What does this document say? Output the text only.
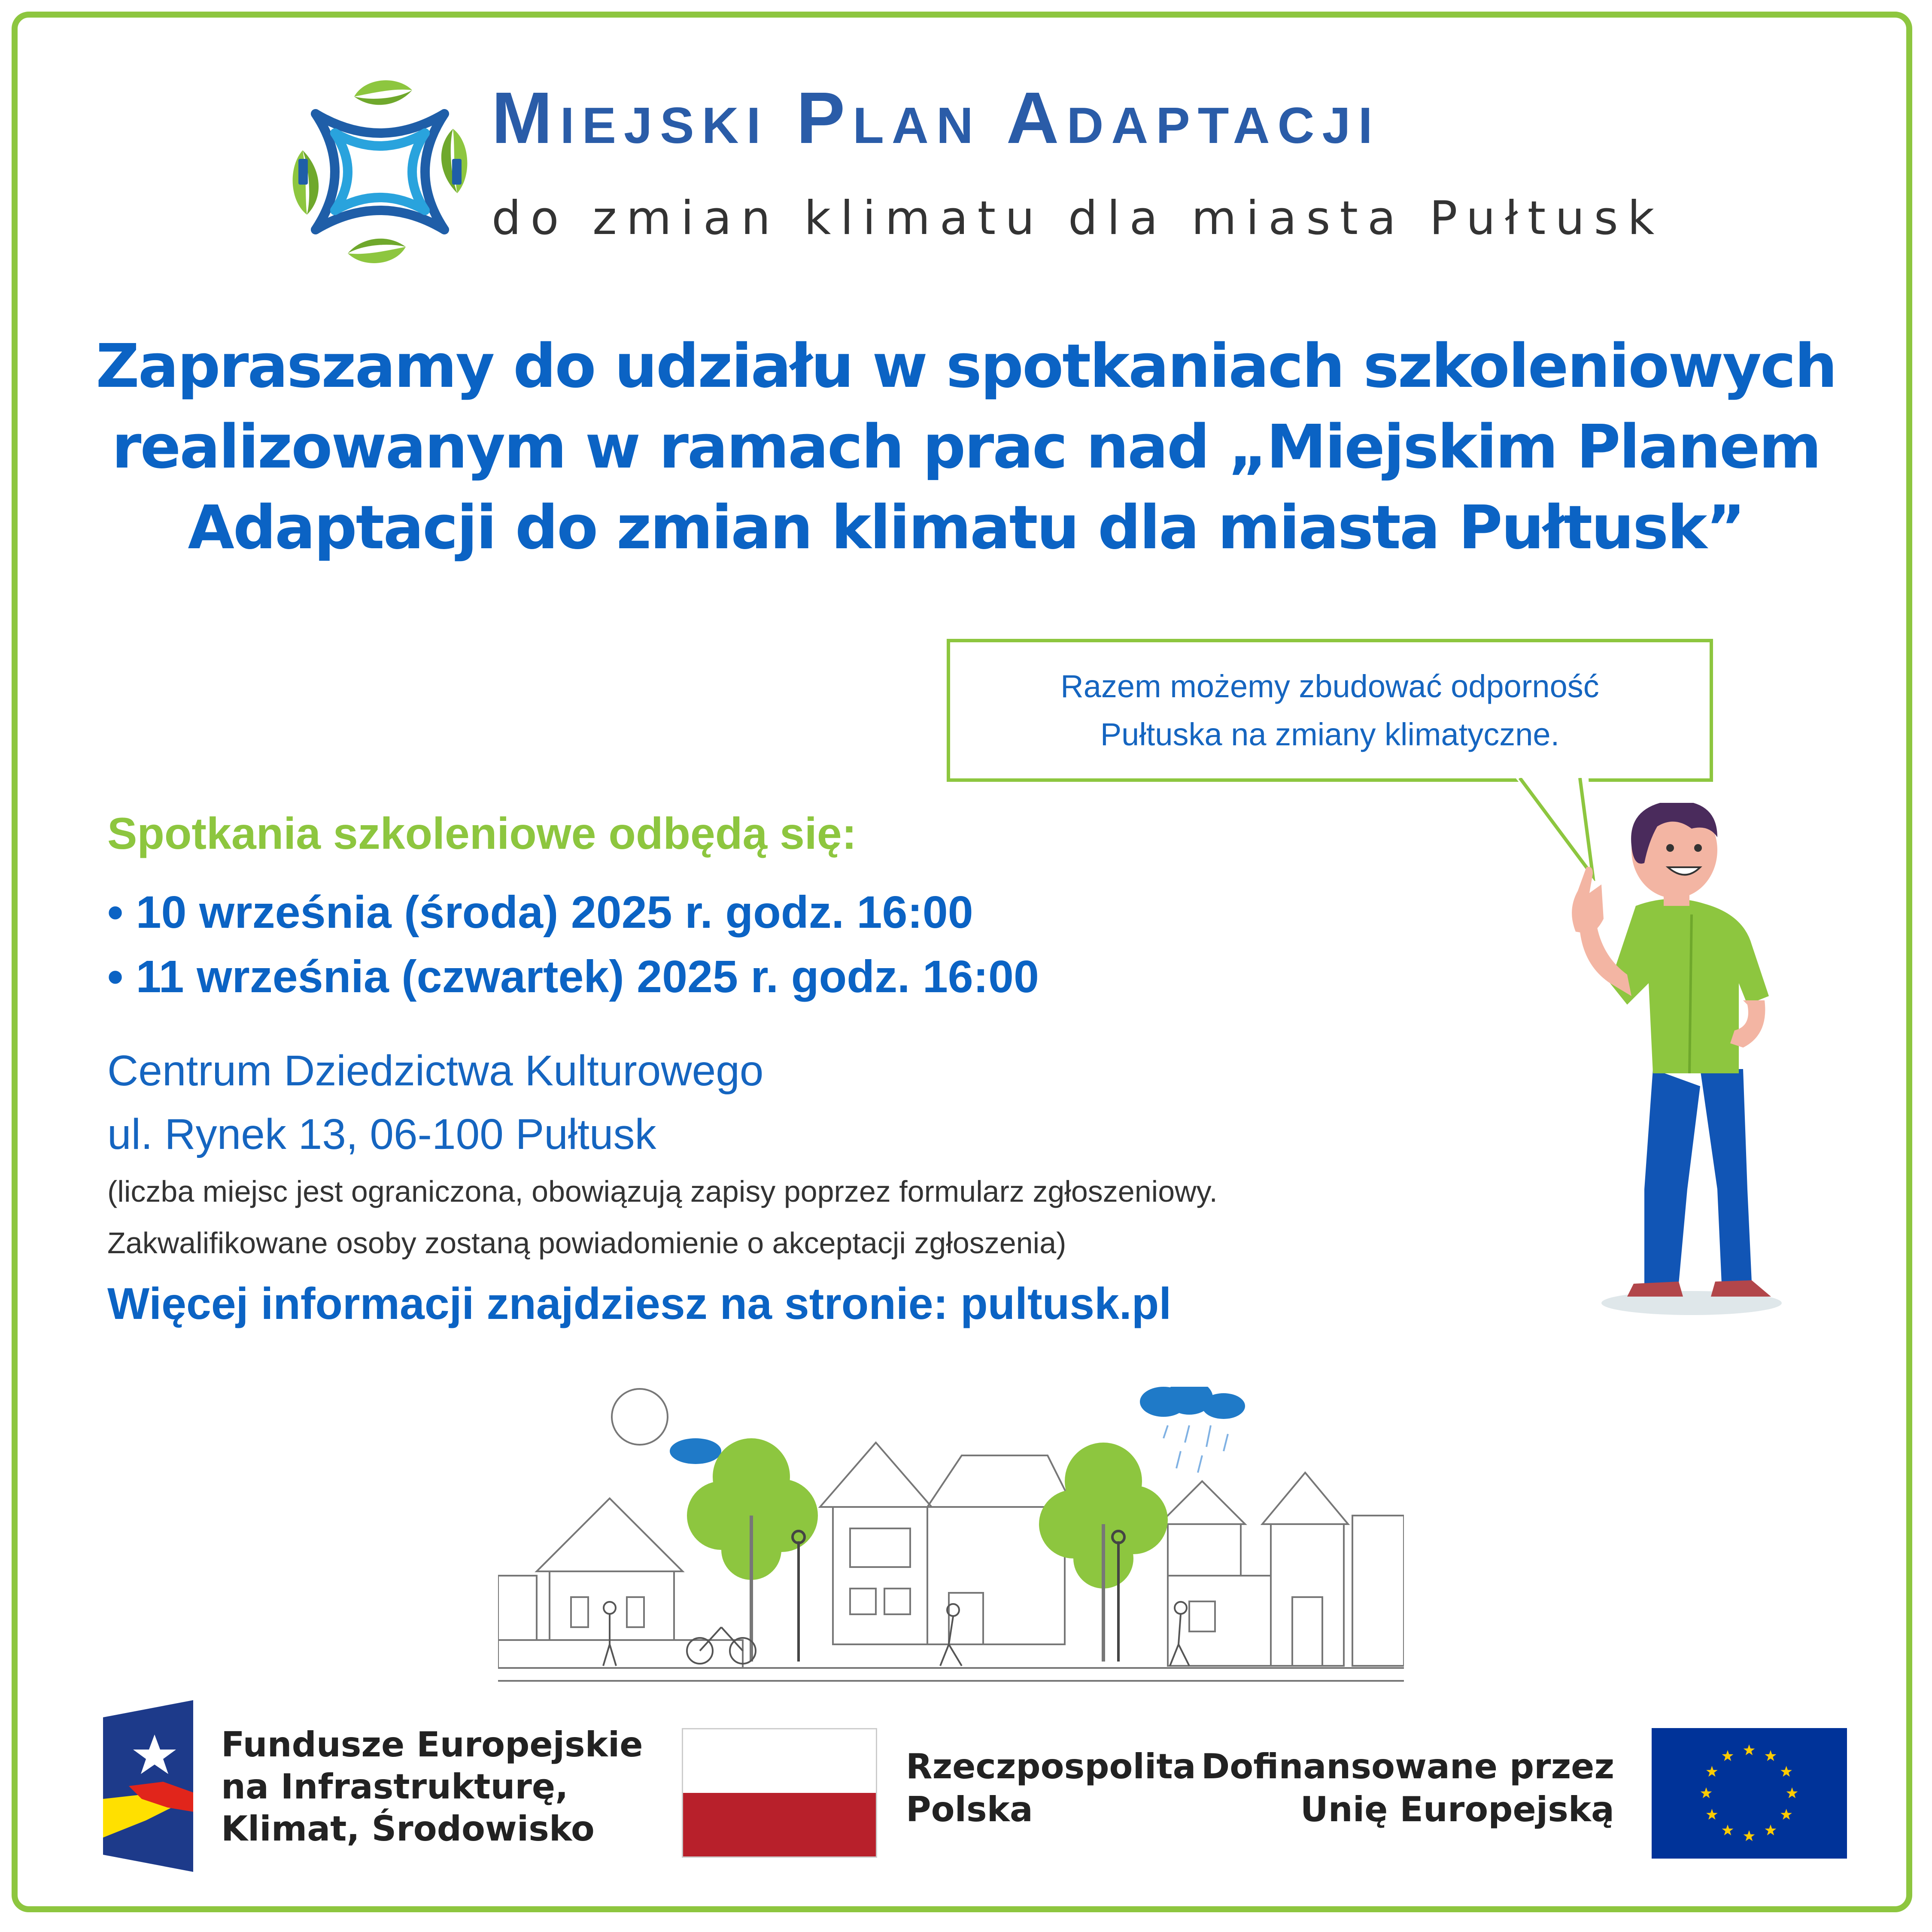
Miejski Plan Adaptacji
do zmian klimatu dla miasta Pułtusk
Zapraszamy do udziału w spotkaniach szkoleniowych
realizowanym w ramach prac nad „Miejskim Planem
Adaptacji do zmian klimatu dla miasta Pułtusk”
Razem możemy zbudować odporność
Pułtuska na zmiany klimatyczne.
Spotkania szkoleniowe odbędą się:
• 10 września (środa) 2025 r. godz. 16:00
• 11 września (czwartek) 2025 r. godz. 16:00
Centrum Dziedzictwa Kulturowego
ul. Rynek 13, 06-100 Pułtusk
(liczba miejsc jest ograniczona, obowiązują zapisy poprzez formularz zgłoszeniowy.
Zakwalifikowane osoby zostaną powiadomienie o akceptacji zgłoszenia)
Więcej informacji znajdziesz na stronie: pultusk.pl
Fundusze Europejskie
na Infrastrukturę,
Klimat, Środowisko
Rzeczpospolita
Polska
Dofinansowane przez
Unię Europejską
